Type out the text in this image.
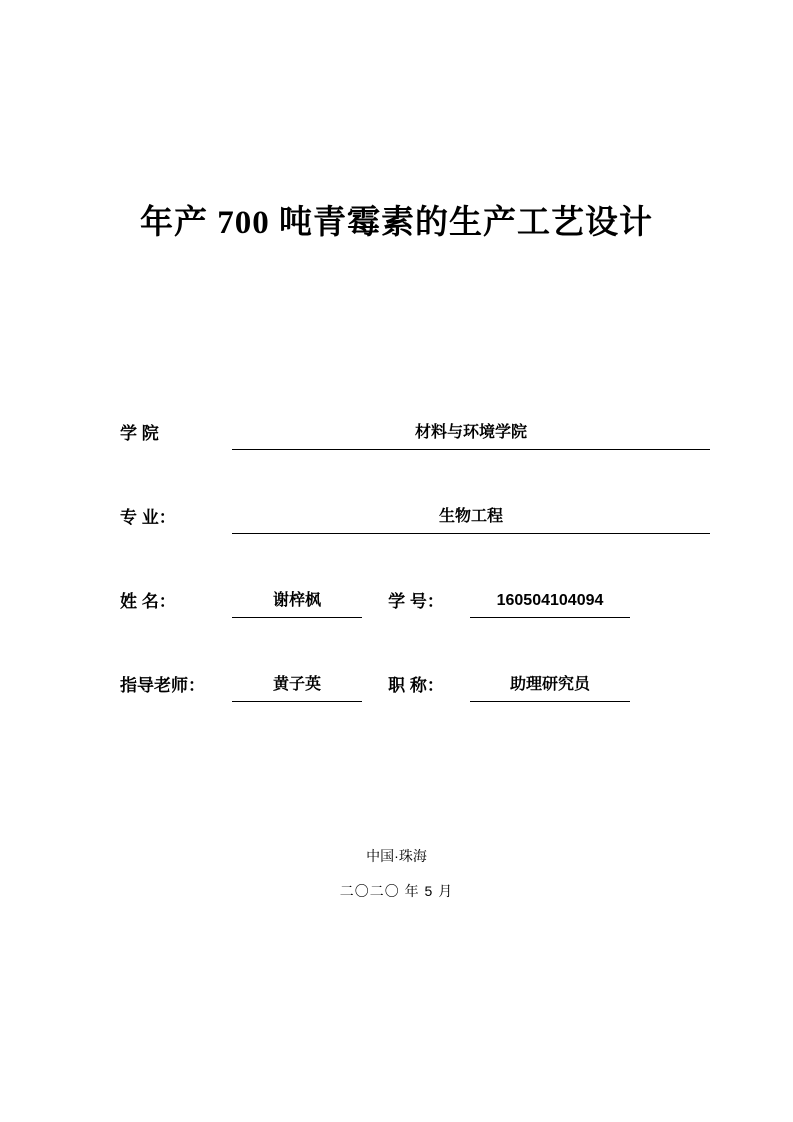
年产 700 吨青霉素的生产工艺设计
学 院	材料与环境学院
专 业：	生物工程
姓 名：	谢梓枫	学 号：	160504104094
指导老师：	黄子英	职 称：	助理研究员
中国·珠海
二〇二〇 年 5 月
